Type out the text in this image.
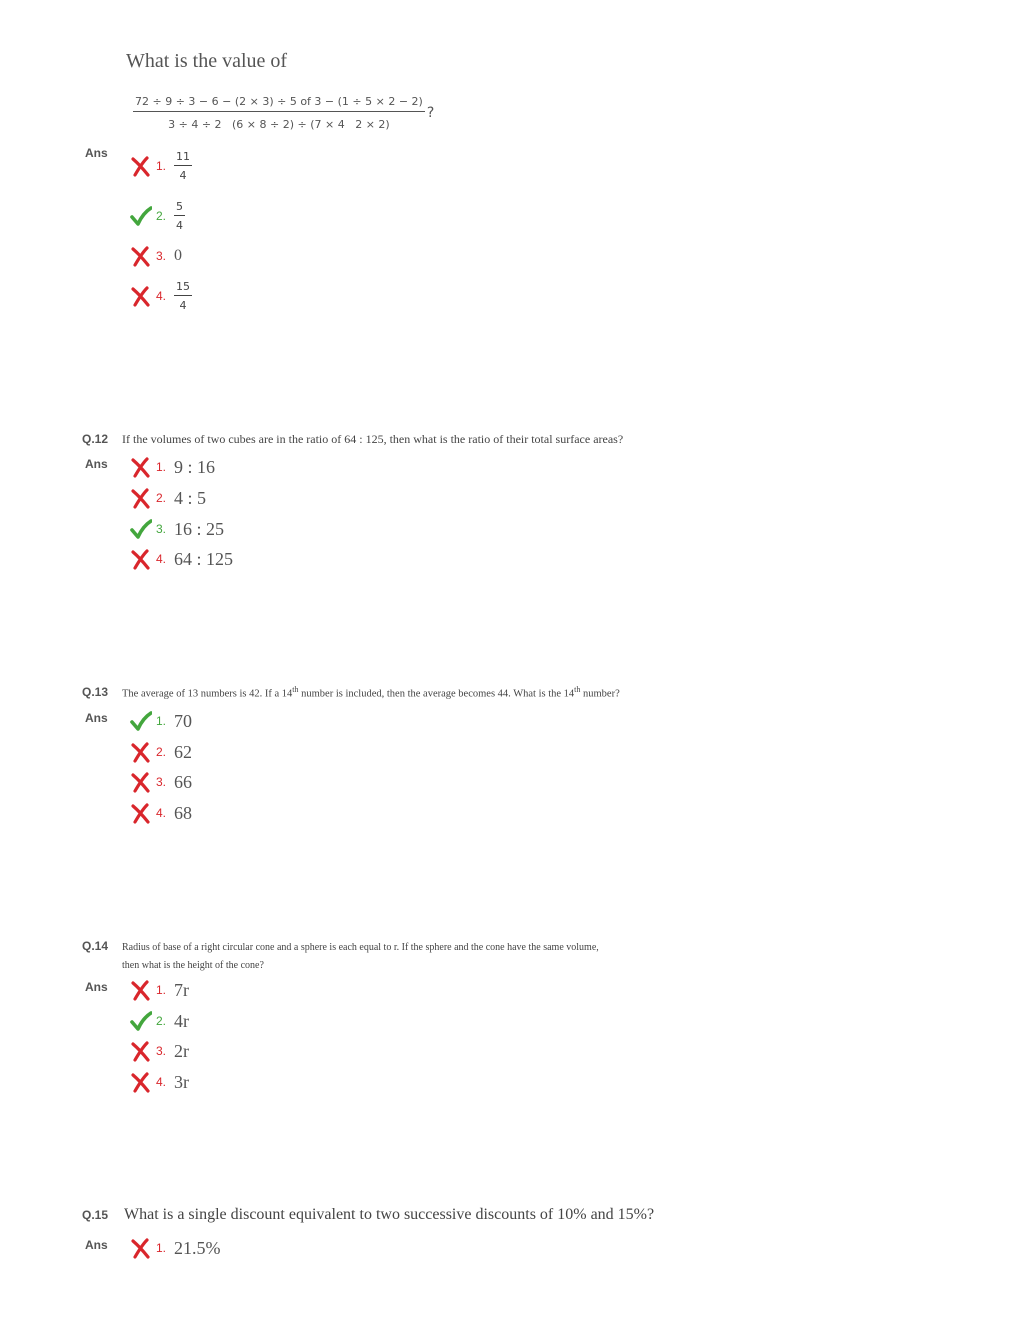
What is the value of
$\frac{72 \div 9 \div 3 - 6 - (2 \times 3) \div 5 of 3 - (1 \div 5 \times 2 - 2)}{3 \div 4 \div 2 (6 \times 8 \div 2) \div (7 \times 4 2 \times 2)}$ ?
Ans
1. $\frac{11}{4}$
2. $\frac{5}{4}$
3. 0
4. $\frac{15}{4}$
Q.12 If the volumes of two cubes are in the ratio of 64 : 125, then what is the ratio of their total surface areas?
Ans	1. 9 : 16
2. 4 : 5
3. 16 : 25
4. 64 : 125
Q.13 The average of 13 numbers is 42. If a 14th number is included, then the average becomes 44. What is the 14th number?
Ans	1. 70
2. 62
3. 66
4. 68
Q.14 Radius of base of a right circular cone and a sphere is each equal to r. If the sphere and the cone have the same volume,
then what is the height of the cone?
Ans	1. 7r
2. 4r
3. 2r
4. 3r
Q.15 What is a single discount equivalent to two successive discounts of 10% and 15%?
Ans	1. 21.5%
